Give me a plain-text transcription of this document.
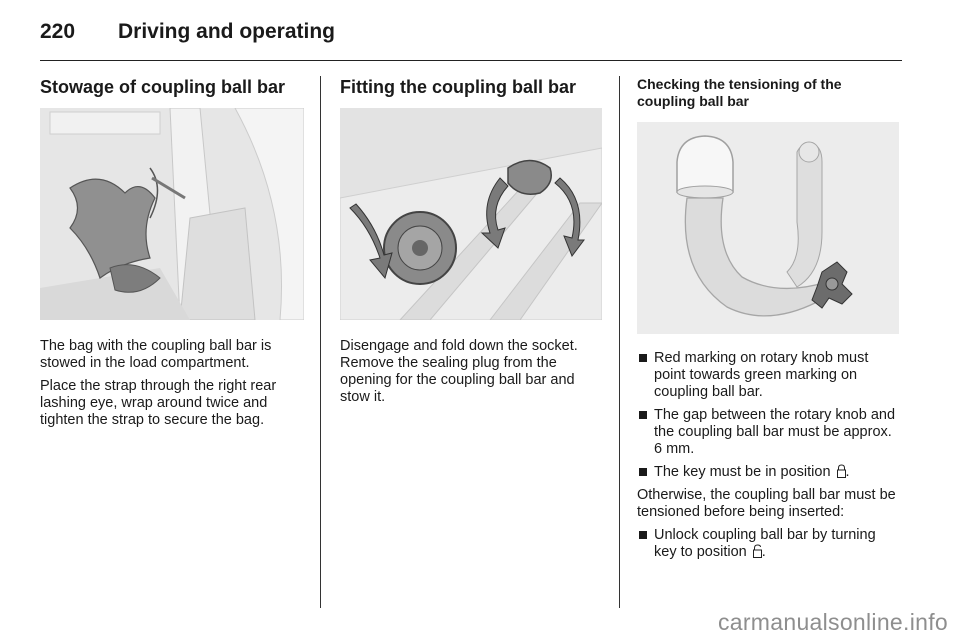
220 Driving and operating
Stowage of coupling ball bar

The bag with the coupling ball bar is stowed in the load compartment.

Place the strap through the right rear lashing eye, wrap around twice and tighten the strap to secure the bag.

Fitting the coupling ball bar

Disengage and fold down the socket. Remove the sealing plug from the opening for the coupling ball bar and stow it.

Checking the tensioning of the coupling ball bar
Red marking on rotary knob must point towards green marking on coupling ball bar.
The gap between the rotary knob and the coupling ball bar must be approx. 6 mm.
The key must be in position .

Otherwise, the coupling ball bar must be tensioned before being inserted:

Unlock coupling ball bar by turning key to position .
carmanualsonline.info
